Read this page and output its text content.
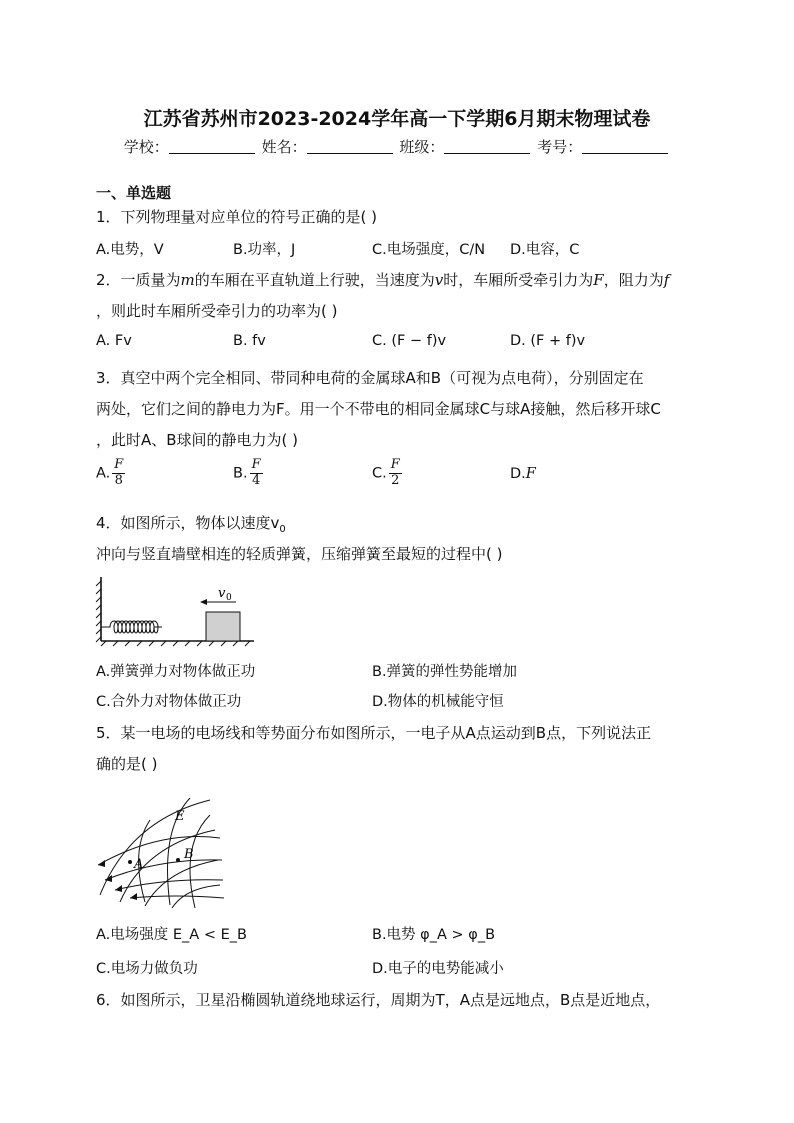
江苏省苏州市2023-2024学年高一下学期6月期末物理试卷
学校：	姓名：	班级：	考号：
一、单选题
1．下列物理量对应单位的符号正确的是( )
A.电势，V	B.功率，J	C.电场强度，C/N D.电容，C
2．一质量为m的车厢在平直轨道上行驶，当速度为v时，车厢所受牵引力为F，阻力为f
，则此时车厢所受牵引力的功率为( )
A. Fv	B. fv	C. (F − f)v	D. (F + f)v
3．真空中两个完全相同、带同种电荷的金属球A和B（可视为点电荷），分别固定在
两处，它们之间的静电力为F。用一个不带电的相同金属球C与球A接触，然后移开球C
，此时A、B球间的静电力为( )
A. $\frac{F}{8}$	B. $\frac{F}{4}$	C. $\frac{F}{2}$	D.F
4．如图所示，物体以速度$v_0$
冲向与竖直墙壁相连的轻质弹簧，压缩弹簧至最短的过程中( )
v 0
A.弹簧弹力对物体做正功	B.弹簧的弹性势能增加
C.合外力对物体做正功	D.物体的机械能守恒
5．某一电场的电场线和等势面分布如图所示，一电子从A点运动到B点，下列说法正
确的是( )
E
A
B
A.电场强度 E_A < E_B	B.电势 φ_A > φ_B
C.电场力做负功	D.电子的电势能减小
6．如图所示，卫星沿椭圆轨道绕地球运行，周期为T，A点是远地点，B点是近地点，
